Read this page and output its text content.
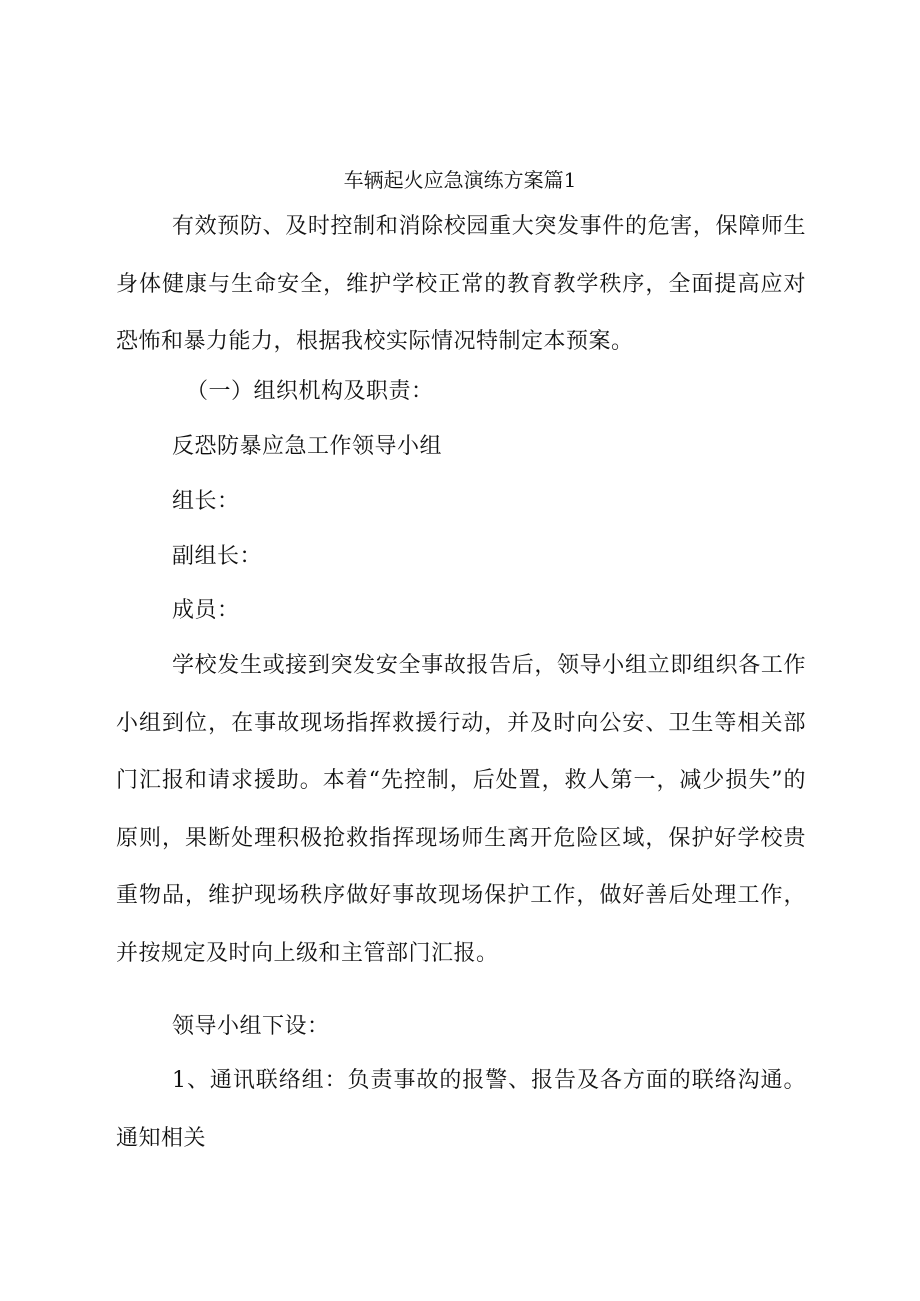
车辆起火应急演练方案篇1

有效预防、及时控制和消除校园重大突发事件的危害，保障师生身体健康与生命安全，维护学校正常的教育教学秩序，全面提高应对恐怖和暴力能力，根据我校实际情况特制定本预案。

（一）组织机构及职责：
反恐防暴应急工作领导小组
组长：
副组长：
成员：

学校发生或接到突发安全事故报告后，领导小组立即组织各工作小组到位，在事故现场指挥救援行动，并及时向公安、卫生等相关部门汇报和请求援助。本着“先控制，后处置，救人第一，减少损失”的原则，果断处理积极抢救指挥现场师生离开危险区域，保护好学校贵重物品，维护现场秩序做好事故现场保护工作，做好善后处理工作，并按规定及时向上级和主管部门汇报。

领导小组下设：

1、通讯联络组：负责事故的报警、报告及各方面的联络沟通。通知相关
